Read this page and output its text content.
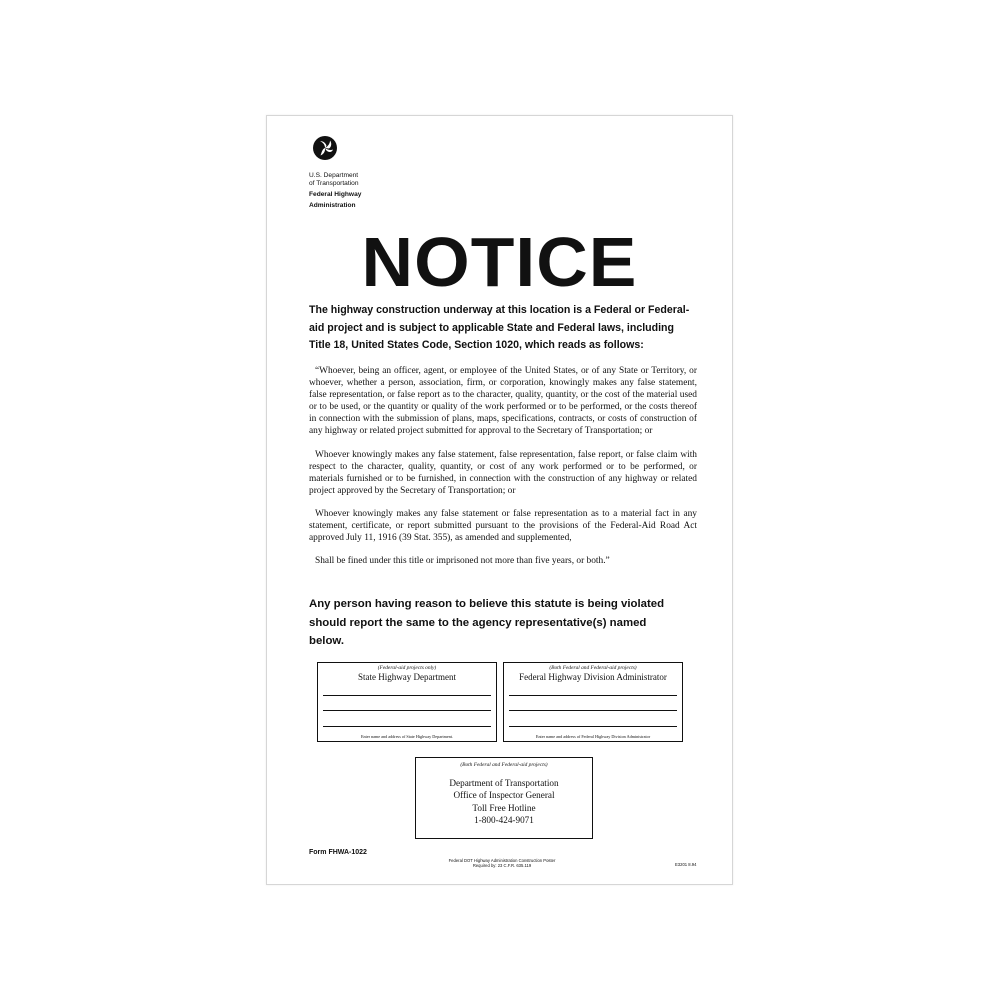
U.S. Department
of Transportation
Federal Highway
Administration
NOTICE
The highway construction underway at this location is a Federal or Federal-aid project and is subject to applicable State and Federal laws, including Title 18, United States Code, Section 1020, which reads as follows:

“Whoever, being an officer, agent, or employee of the United States, or of any State or Territory, or whoever, whether a person, association, firm, or corporation, knowingly makes any false statement, false representation, or false report as to the character, quality, quantity, or the cost of the material used or to be used, or the quantity or quality of the work performed or to be performed, or the costs thereof in connection with the submission of plans, maps, specifications, contracts, or costs of construction of any highway or related project submitted for approval to the Secretary of Transportation; or

Whoever knowingly makes any false statement, false representation, false report, or false claim with respect to the character, quality, quantity, or cost of any work performed or to be performed, or materials furnished or to be furnished, in connection with the construction of any highway or related project approved by the Secretary of Transportation; or

Whoever knowingly makes any false statement or false representation as to a material fact in any statement, certificate, or report submitted pursuant to the provisions of the Federal-Aid Road Act approved July 11, 1916 (39 Stat. 355), as amended and supplemented,

Shall be fined under this title or imprisoned not more than five years, or both.”

Any person having reason to believe this statute is being violated should report the same to the agency representative(s) named below.
(Federal-aid projects only)
State Highway Department
Enter name and address of State Highway Department.
(Both Federal and Federal-aid projects)
Federal Highway Division Administrator
Enter name and address of Federal Highway Division Administrator
(Both Federal and Federal-aid projects)
Department of Transportation
Office of Inspector General
Toll Free Hotline
1-800-424-9071
Form FHWA-1022
Federal DOT Highway Administration Construction Poster
Required by: 23 C.F.R. 635.119	E3201 8.94
